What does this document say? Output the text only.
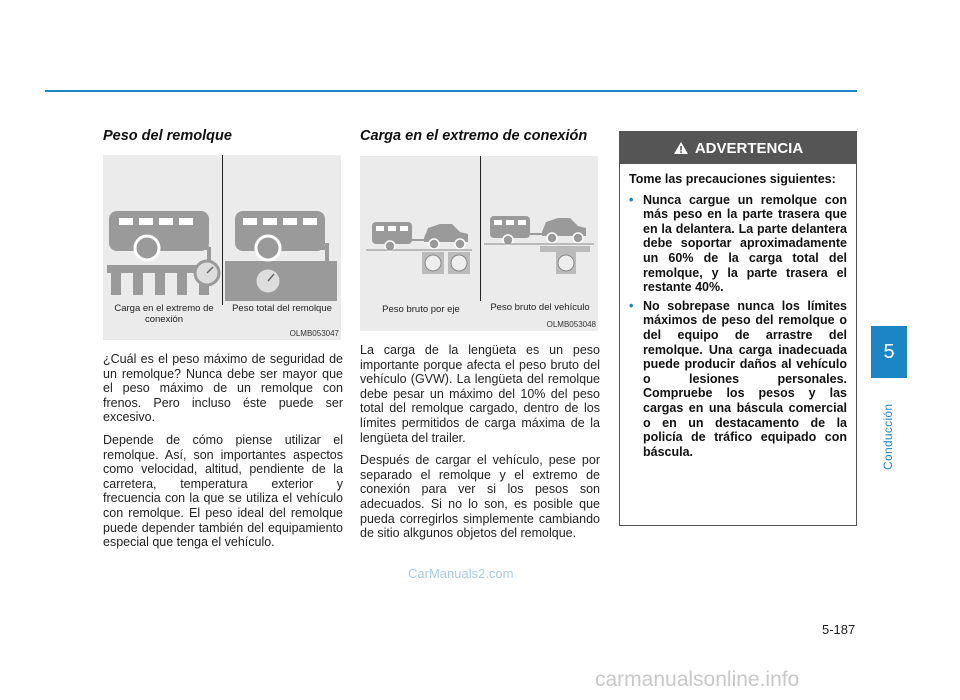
5
Conducción
Peso del remolque
Carga en el extremo de conexión
Peso total del remolque
OLMB053047

¿Cuál es el peso máximo de seguridad de un remolque? Nunca debe ser mayor que el peso máximo de un remolque con frenos. Pero incluso éste puede ser excesivo.

Depende de cómo piense utilizar el remolque. Así, son importantes aspectos como velocidad, altitud, pendiente de la carretera, temperatura exterior y frecuencia con la que se utiliza el vehículo con remolque. El peso ideal del remolque puede depender también del equipamiento especial que tenga el vehículo.

Carga en el extremo de conexión
Peso bruto por eje	Peso bruto del vehículo
OLMB053048

La carga de la lengüeta es un peso importante porque afecta el peso bruto del vehículo (GVW). La lengüeta del remolque debe pesar un máximo del 10% del peso total del remolque cargado, dentro de los límites permitidos de carga máxima de la lengüeta del trailer.

Después de cargar el vehículo, pese por separado el remolque y el extremo de conexión para ver si los pesos son adecuados. Si no lo son, es posible que pueda corregirlos simplemente cambiando de sitio alkgunos objetos del remolque.

ADVERTENCIA
Tome las precauciones siguientes:
• Nunca cargue un remolque con más peso en la parte trasera que en la delantera. La parte delantera debe soportar aproximadamente un 60% de la carga total del remolque, y la parte trasera el restante 40%.
• No sobrepase nunca los límites máximos de peso del remolque o del equipo de arrastre del remolque. Una carga inadecuada puede producir daños al vehículo o lesiones personales. Compruebe los pesos y las cargas en una báscula comercial o en un destacamento de la policía de tráfico equipado con báscula.
5-187
CarManuals2.com
carmanualsonline.info
